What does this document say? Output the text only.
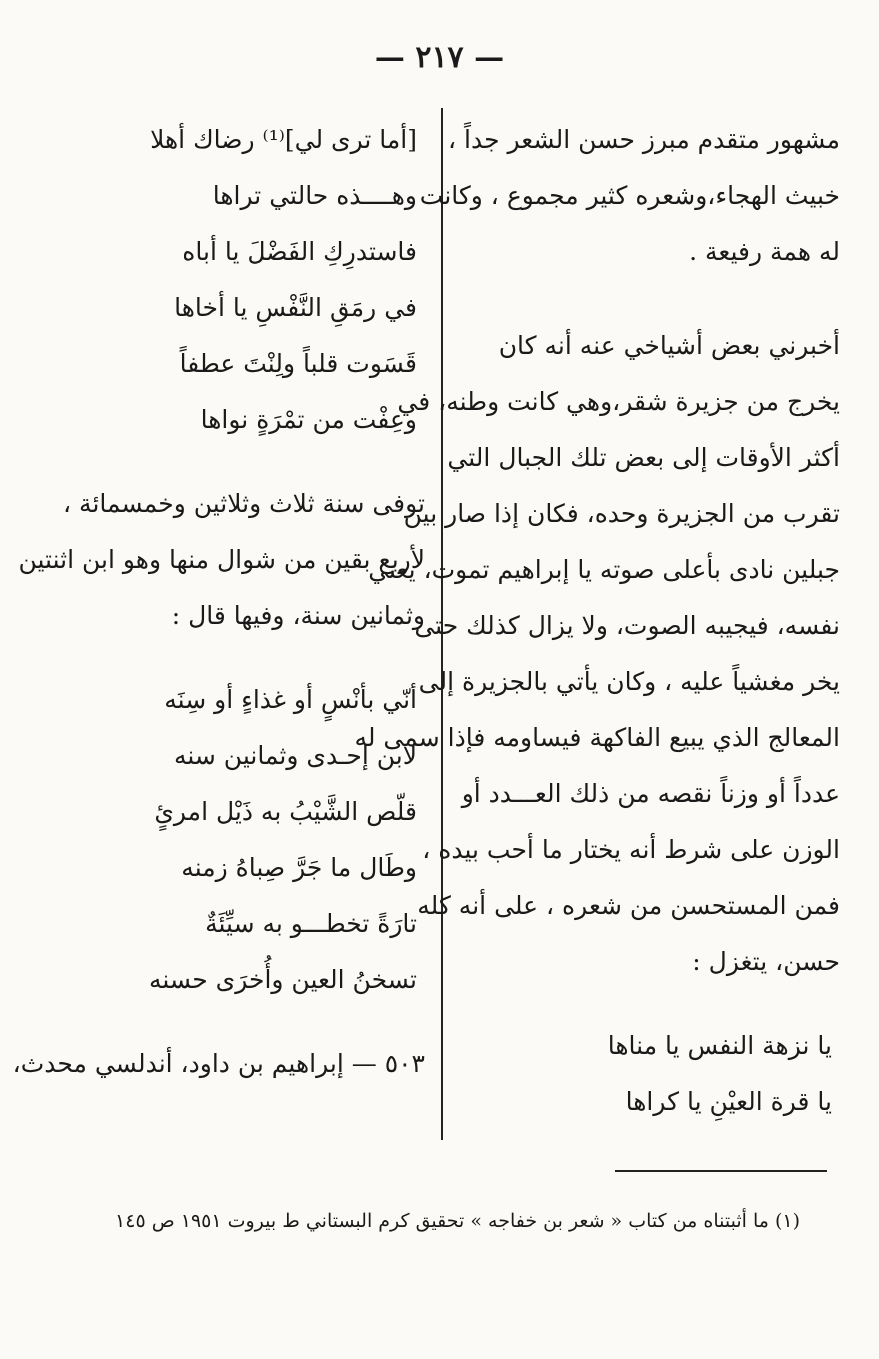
— ٢١٧ —
مشهور متقدم مبرز حسن الشعر جداً ،
خبيث الهجاء،وشعره كثير مجموع ، وكانت
له همة رفيعة .
أخبرني بعض أشياخي عنه أنه كان
يخرج من جزيرة شقر،وهي كانت وطنه، في
أكثر الأوقات إلى بعض تلك الجبال التي
تقرب من الجزيرة وحده، فكان إذا صار بين
جبلين نادى بأعلى صوته يا إبراهيم تموت، يعني
نفسه، فيجيبه الصوت، ولا يزال كذلك حتى
يخر مغشياً عليه ، وكان يأتي بالجزيرة إلى
المعالج الذي يبيع الفاكهة فيساومه فإذا سمى له
عدداً أو وزناً نقصه من ذلك العـــدد أو
الوزن على شرط أنه يختار ما أحب بيده ،
فمن المستحسن من شعره ، على أنه كله
حسن، يتغزل :
يا نزهة النفس يا مناها
يا قرة العيْنِ يا كراها
[أما ترى لي]⁽¹⁾ رضاك أهلا
وهــــذه حالتي تراها
فاستدرِكِ الفَضْلَ يا أباه
في رمَقِ النَّفْسِ يا أخاها
قَسَوت قلباً ولِنْتَ عطفاً
وعِفْت من تمْرَةٍ نواها
توفى سنة ثلاث وثلاثين وخمسمائة ،
لأربع بقين من شوال منها وهو ابن اثنتين
وثمانين سنة، وفيها قال :
أنّي بأنْسٍ أو غذاءٍ أو سِنَه
لابن إحـدى وثمانين سنه
قلّص الشَّيْبُ به ذَيْل امرئٍ
وطَال ما جَرَّ صِباهُ زمنه
تارَةً تخطـــو به سيِّئَةٌ
تسخنُ العين وأُخرَى حسنه
٥٠٣ — إبراهيم بن داود، أندلسي محدث،
(١) ما أثبتناه من كتاب « شعر بن خفاجه » تحقيق كرم البستاني ط بيروت ١٩٥١ ص ١٤٥
